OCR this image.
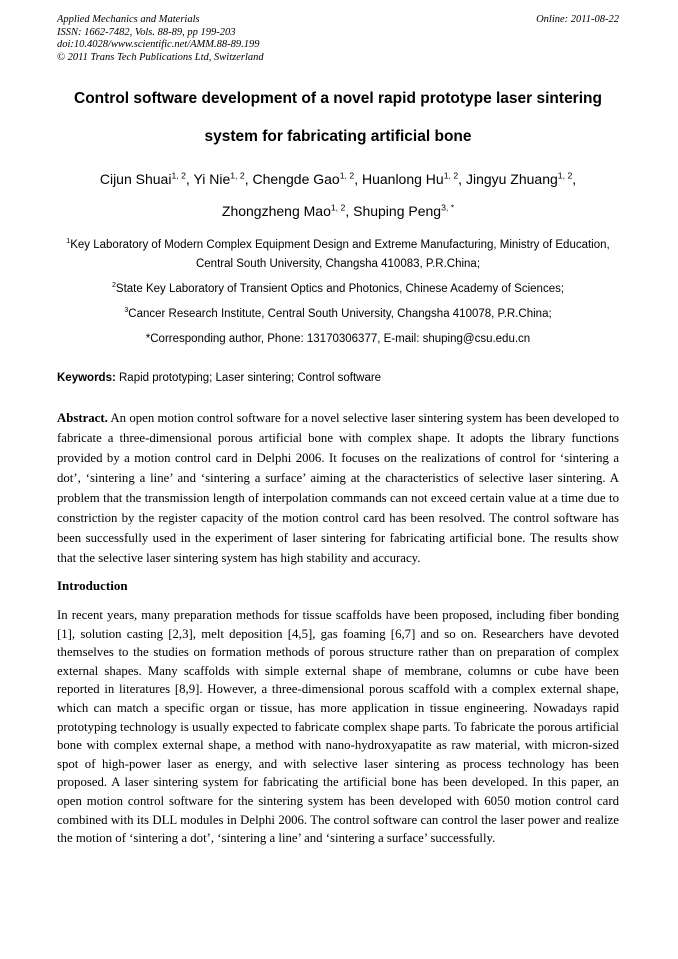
Applied Mechanics and Materials
ISSN: 1662-7482, Vols. 88-89, pp 199-203
doi:10.4028/www.scientific.net/AMM.88-89.199
© 2011 Trans Tech Publications Ltd, Switzerland
Online: 2011-08-22
Control software development of a novel rapid prototype laser sintering
system for fabricating artificial bone
Cijun Shuai$^{1, 2}$, Yi Nie$^{1, 2}$, Chengde Gao$^{1, 2}$, Huanlong Hu$^{1, 2}$, Jingyu Zhuang$^{1, 2}$,
Zhongzheng Mao$^{1, 2}$, Shuping Peng$^{3, *}$
$^1$Key Laboratory of Modern Complex Equipment Design and Extreme Manufacturing, Ministry of Education, Central South University, Changsha 410083, P.R.China;
$^2$State Key Laboratory of Transient Optics and Photonics, Chinese Academy of Sciences;
$^3$Cancer Research Institute, Central South University, Changsha 410078, P.R.China;
*Corresponding author, Phone: 13170306377, E-mail: shuping@csu.edu.cn
Keywords: Rapid prototyping; Laser sintering; Control software

Abstract. An open motion control software for a novel selective laser sintering system has been developed to fabricate a three-dimensional porous artificial bone with complex shape. It adopts the library functions provided by a motion control card in Delphi 2006. It focuses on the realizations of control for ‘sintering a dot’, ‘sintering a line’ and ‘sintering a surface’ aiming at the characteristics of selective laser sintering. A problem that the transmission length of interpolation commands can not exceed certain value at a time due to constriction by the register capacity of the motion control card has been resolved. The control software has been successfully used in the experiment of laser sintering for fabricating artificial bone. The results show that the selective laser sintering system has high stability and accuracy.

Introduction

In recent years, many preparation methods for tissue scaffolds have been proposed, including fiber bonding [1], solution casting [2,3], melt deposition [4,5], gas foaming [6,7] and so on. Researchers have devoted themselves to the studies on formation methods of porous structure rather than on preparation of complex external shapes. Many scaffolds with simple external shape of membrane, columns or cube have been reported in literatures [8,9]. However, a three-dimensional porous scaffold with a complex external shape, which can match a specific organ or tissue, has more application in tissue engineering. Nowadays rapid prototyping technology is usually expected to fabricate complex shape parts. To fabricate the porous artificial bone with complex external shape, a method with nano-hydroxyapatite as raw material, with micron-sized spot of high-power laser as energy, and with selective laser sintering as process technology has been proposed. A laser sintering system for fabricating the artificial bone has been developed. In this paper, an open motion control software for the sintering system has been developed with 6050 motion control card combined with its DLL modules in Delphi 2006. The control software can control the laser power and realize the motion of ‘sintering a dot’, ‘sintering a line’ and ‘sintering a surface’ successfully.
